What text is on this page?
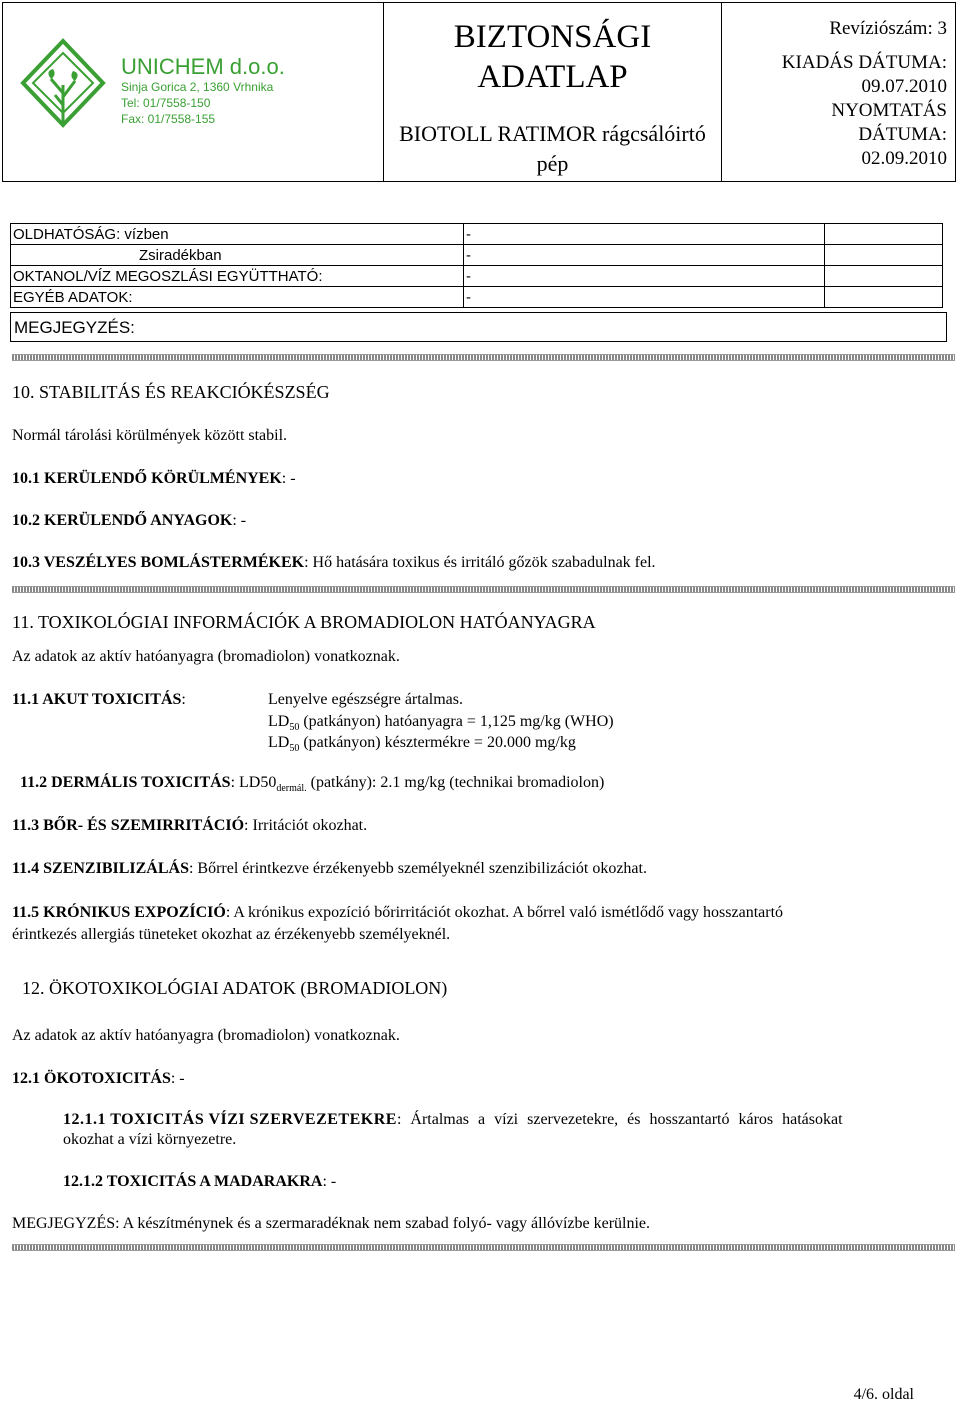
UNICHEM d.o.o.
Sinja Gorica 2, 1360 Vrhnika
Tel: 01/7558-150
Fax: 01/7558-155
BIZTONSÁGI
ADATLAP
BIOTOLL RATIMOR rágcsálóirtó
pép
Revíziószám: 3
KIADÁS DÁTUMA:
09.07.2010
NYOMTATÁS
DÁTUMA:
02.09.2010
OLDHATÓSÁG: vízben	-	
Zsiradékban	-	
OKTANOL/VÍZ MEGOSZLÁSI EGYÜTTHATÓ:	-	
EGYÉB ADATOK:	-	
MEGJEGYZÉS:
10. STABILITÁS ÉS REAKCIÓKÉSZSÉG
Normál tárolási körülmények között stabil.
10.1 KERÜLENDŐ KÖRÜLMÉNYEK: -
10.2 KERÜLENDŐ ANYAGOK: -
10.3 VESZÉLYES BOMLÁSTERMÉKEK: Hő hatására toxikus és irritáló gőzök szabadulnak fel.
11. TOXIKOLÓGIAI INFORMÁCIÓK A BROMADIOLON HATÓANYAGRA
Az adatok az aktív hatóanyagra (bromadiolon) vonatkoznak.
11.1 AKUT TOXICITÁS:	Lenyelve egészségre ártalmas.
$LD_{50}$ (patkányon) hatóanyagra = 1,125 mg/kg (WHO)
$LD_{50}$ (patkányon) késztermékre = 20.000 mg/kg
11.2 DERMÁLIS TOXICITÁS: $LD50_{dermál.}$ (patkány): 2.1 mg/kg (technikai bromadiolon)
11.3 BŐR- ÉS SZEMIRRITÁCIÓ: Irritációt okozhat.
11.4 SZENZIBILIZÁLÁS: Bőrrel érintkezve érzékenyebb személyeknél szenzibilizációt okozhat.
11.5 KRÓNIKUS EXPOZÍCIÓ: A krónikus expozíció bőrirritációt okozhat. A bőrrel való ismétlődő vagy hosszantartó
érintkezés allergiás tüneteket okozhat az érzékenyebb személyeknél.
12. ÖKOTOXIKOLÓGIAI ADATOK (BROMADIOLON)
Az adatok az aktív hatóanyagra (bromadiolon) vonatkoznak.
12.1 ÖKOTOXICITÁS: -
12.1.1 TOXICITÁS VÍZI SZERVEZETEKRE: Ártalmas a vízi szervezetekre, és hosszantartó káros hatásokat
okozhat a vízi környezetre.
12.1.2 TOXICITÁS A MADARAKRA: -
MEGJEGYZÉS: A készítménynek és a szermaradéknak nem szabad folyó- vagy állóvízbe kerülnie.
4/6. oldal
